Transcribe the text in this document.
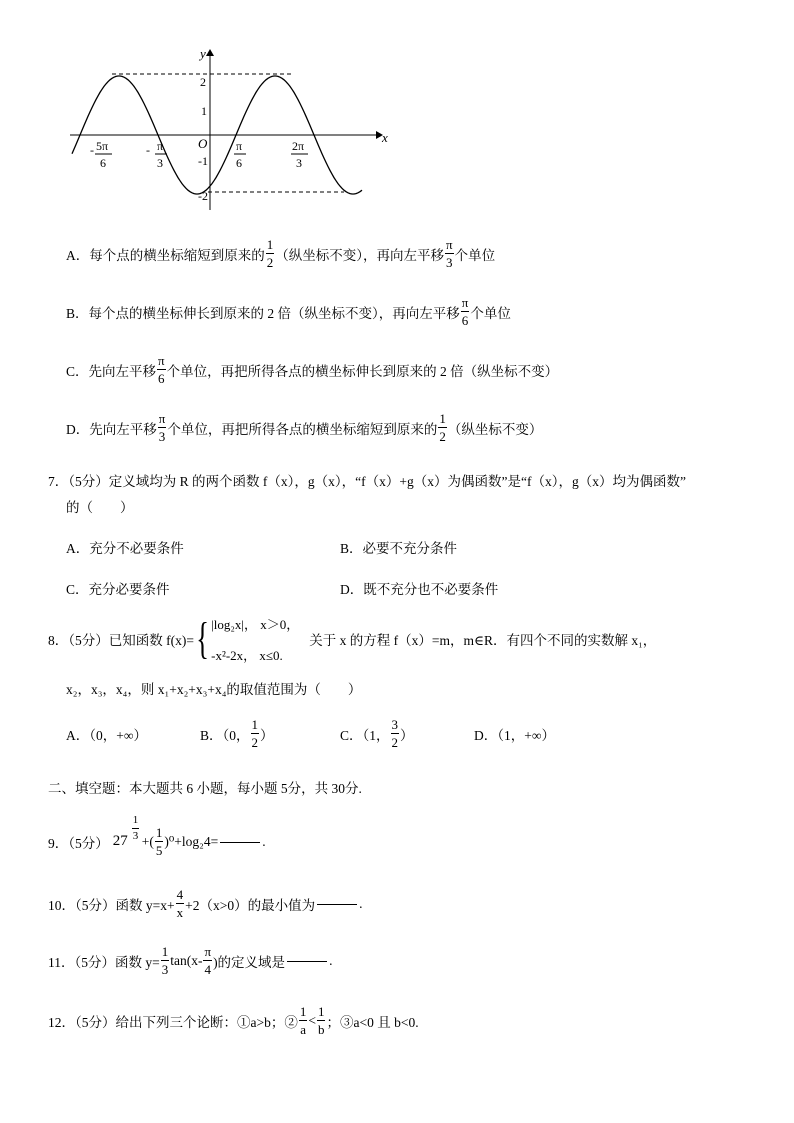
y
x
O
2
1
-1
-2
- 5π
6
- π
3
π
6
2π
3
A．每个点的横坐标缩短到原来的 $\frac{1}{2}$ （纵坐标不变），再向左平移 $\frac{\pi}{3}$ 个单位
B．每个点的横坐标伸长到原来的 2 倍（纵坐标不变），再向左平移 $\frac{\pi}{6}$ 个单位
C．先向左平移 $\frac{\pi}{6}$ 个单位，再把所得各点的横坐标伸长到原来的 2 倍（纵坐标不变）
D．先向左平移 $\frac{\pi}{3}$ 个单位，再把所得各点的横坐标缩短到原来的 $\frac{1}{2}$ （纵坐标不变）
7．（5分）定义域均为 R 的两个函数 f（x），g（x），“f（x）+g（x）为偶函数”是“f（x），g（x）均为偶函数”
的（　　）
A．充分不必要条件	B．必要不充分条件
C．充分必要条件	D．既不充分也不必要条件
8．（5分）已知函数 f(x)= { |log₂x|， x＞0，
-x²-2x， x≤0.
关于 x 的方程 f（x）=m，m∈R．有四个不同的实数解 x₁，
x₂，x₃，x₄，则 x₁+x₂+x₃+x₄的取值范围为（　　）
A．（0，+∞）	B．（0， $\frac{1}{2}$ ）	C．（1， $\frac{3}{2}$ ）	D．（1，+∞）
二、填空题：本大题共 6 小题，每小题 5分，共 30分.
9．（5分） $27 \frac{1}{3}$ +( $\frac{1}{5} )^0+\log_24=$	.
10．（5分）函数 $y=x+ \frac{4}{x} +2(x>0)$的最小值为	.
11．（5分）函数 $y= \frac{1}{3} \tan(x- \frac{\pi}{4}$ )的定义域是	.
12．（5分）给出下列三个论断：①a>b；② $\frac{1}{a} < \frac{1}{b}$ ；③a<0 且 b<0.
